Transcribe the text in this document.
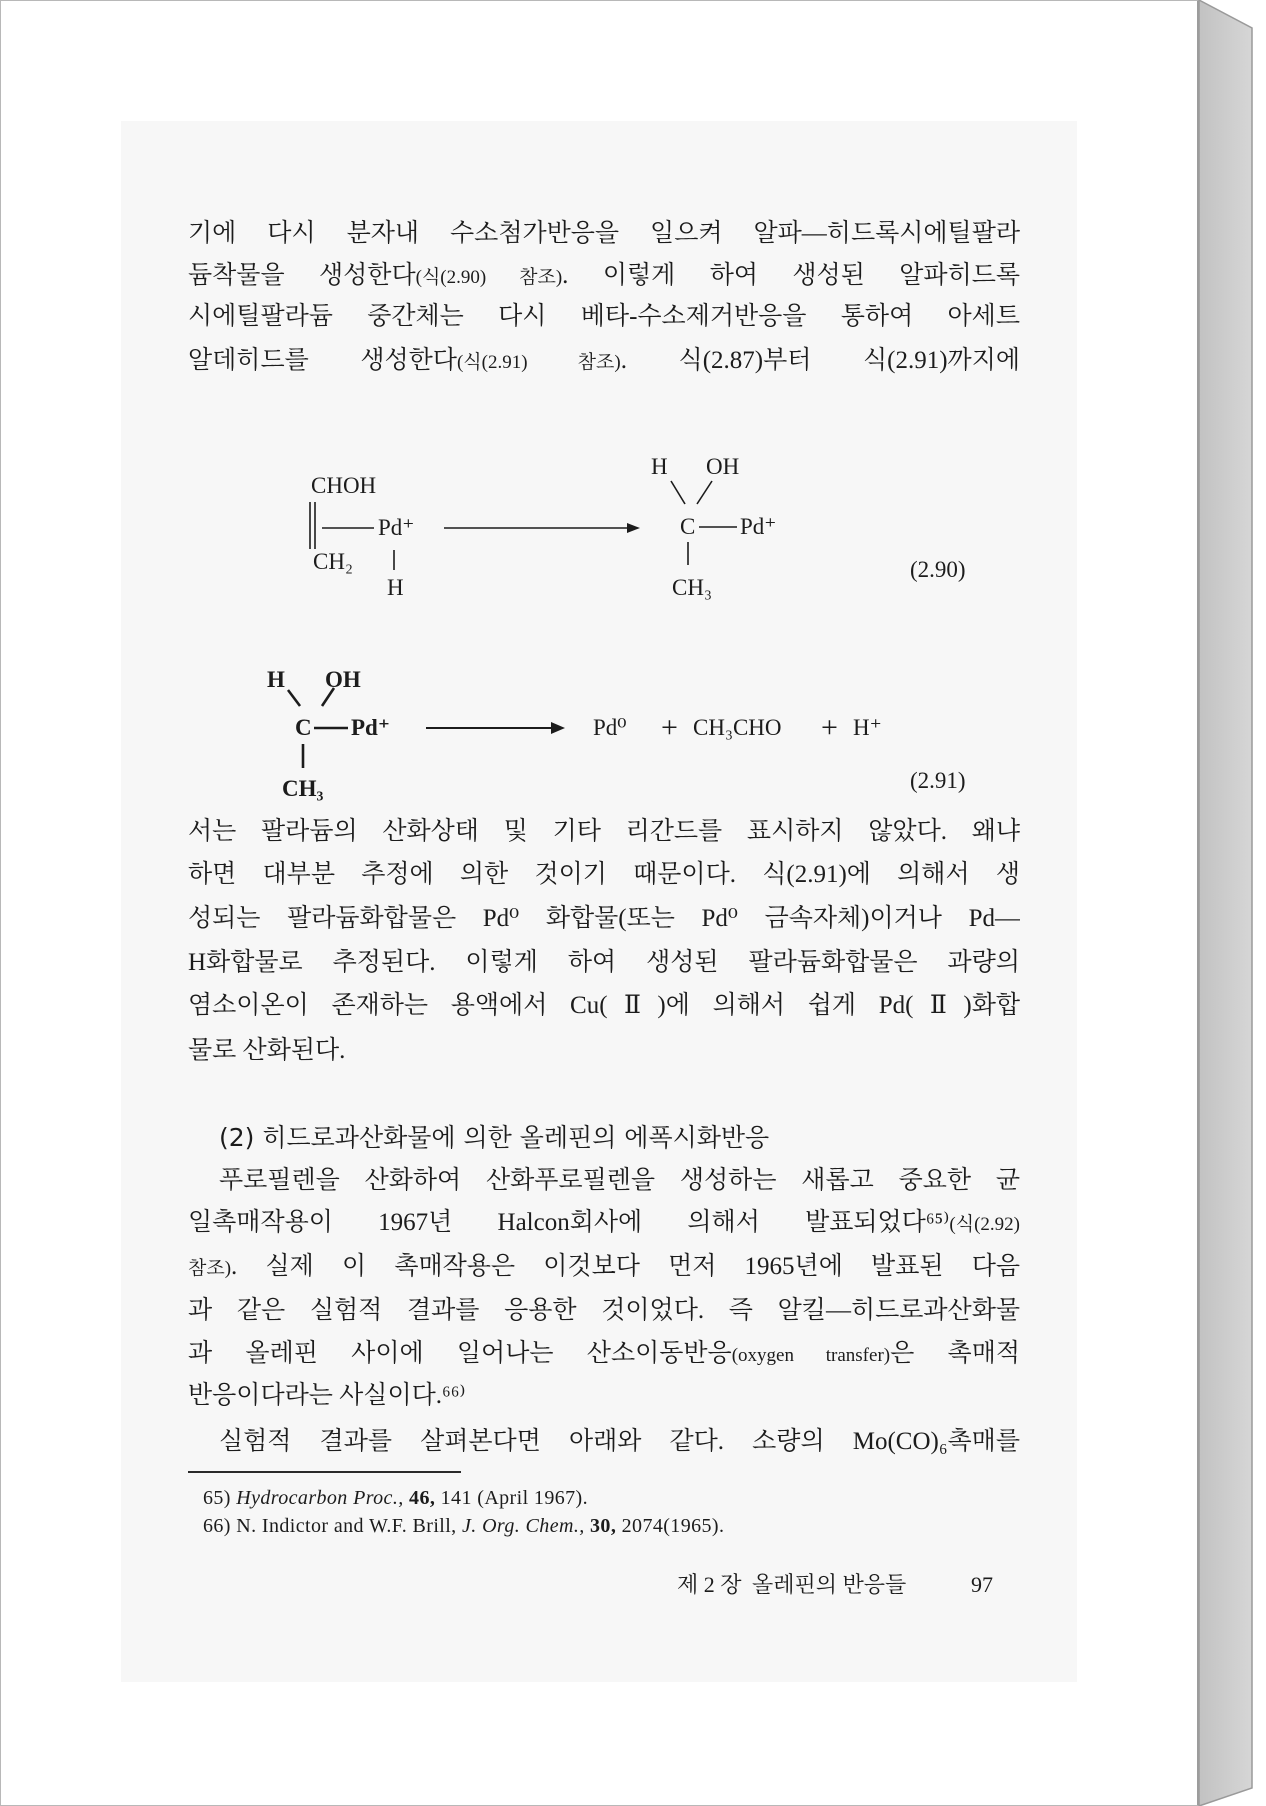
기에 다시 분자내 수소첨가반응을 일으켜 알파—히드록시에틸팔라
듐착물을 생성한다(식(2.90) 참조). 이렇게 하여 생성된 알파히드록
시에틸팔라듐 중간체는 다시 베타-수소제거반응을 통하여 아세트
알데히드를 생성한다(식(2.91) 참조). 식(2.87)부터 식(2.91)까지에
CHOH
Pd⁺
CH₂
H
H OH
C Pd⁺
CH₃
(2.90)
H OH
C Pd⁺
CH₃
Pd⁰ + CH₃CHO + H⁺
(2.91)
서는 팔라듐의 산화상태 및 기타 리간드를 표시하지 않았다. 왜냐
하면 대부분 추정에 의한 것이기 때문이다. 식(2.91)에 의해서 생
성되는 팔라듐화합물은 Pd⁰ 화합물(또는 Pd⁰ 금속자체)이거나 Pd—
H화합물로 추정된다. 이렇게 하여 생성된 팔라듐화합물은 과량의
염소이온이 존재하는 용액에서 Cu(Ⅱ)에 의해서 쉽게 Pd(Ⅱ)화합
물로 산화된다.
(2) 히드로과산화물에 의한 올레핀의 에폭시화반응
푸로필렌을 산화하여 산화푸로필렌을 생성하는 새롭고 중요한 균
일촉매작용이 1967년 Halcon회사에 의해서 발표되었다⁶⁵⁾(식(2.92)
참조). 실제 이 촉매작용은 이것보다 먼저 1965년에 발표된 다음
과 같은 실험적 결과를 응용한 것이었다. 즉 알킬—히드로과산화물
과 올레핀 사이에 일어나는 산소이동반응(oxygen transfer)은 촉매적
반응이다라는 사실이다.⁶⁶⁾
실험적 결과를 살펴본다면 아래와 같다. 소량의 Mo(CO)₆촉매를
65) Hydrocarbon Proc., 46, 141 (April 1967).
66) N. Indictor and W.F. Brill, J. Org. Chem., 30, 2074(1965).
제 2 장 올레핀의 반응들	97
